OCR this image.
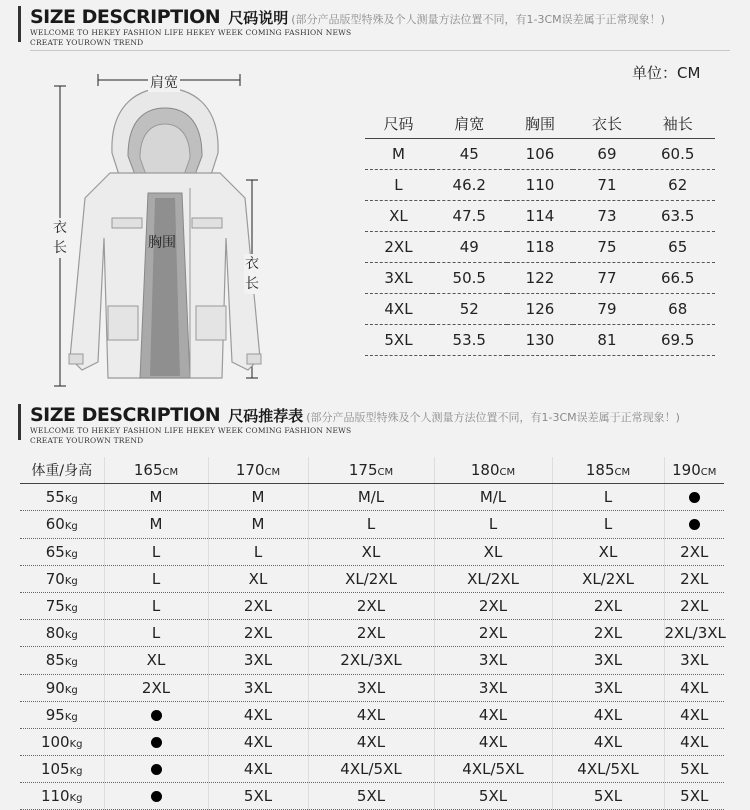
SIZE DESCRIPTION 尺码说明 (部分产品版型特殊及个人测量方法位置不同，有1-3CM误差属于正常现象！)
WELCOME TO HEKEY FASHION LIFE HEKEY WEEK COMING FASHION NEWS
CREATE YOUROWN TREND
肩宽
胸围
衣长
衣长
单位：CM
尺码	肩宽	胸围	衣长	袖长
M	45	106	69	60.5
L	46.2	110	71	62
XL	47.5	114	73	63.5
2XL	49	118	75	65
3XL	50.5	122	77	66.5
4XL	52	126	79	68
5XL	53.5	130	81	69.5
SIZE DESCRIPTION 尺码推荐表 (部分产品版型特殊及个人测量方法位置不同，有1-3CM误差属于正常现象！)
WELCOME TO HEKEY FASHION LIFE HEKEY WEEK COMING FASHION NEWS
CREATE YOUROWN TREND
体重/身高	165CM	170CM	175CM	180CM	185CM	190CM
55Kg	M	M	M/L	M/L	L	
60Kg	M	M	L	L	L	
65Kg	L	L	XL	XL	XL	2XL
70Kg	L	XL	XL/2XL	XL/2XL	XL/2XL	2XL
75Kg	L	2XL	2XL	2XL	2XL	2XL
80Kg	L	2XL	2XL	2XL	2XL	2XL/3XL
85Kg	XL	3XL	2XL/3XL	3XL	3XL	3XL
90Kg	2XL	3XL	3XL	3XL	3XL	4XL
95Kg		4XL	4XL	4XL	4XL	4XL
100Kg		4XL	4XL	4XL	4XL	4XL
105Kg		4XL	4XL/5XL	4XL/5XL	4XL/5XL	5XL
110Kg		5XL	5XL	5XL	5XL	5XL
